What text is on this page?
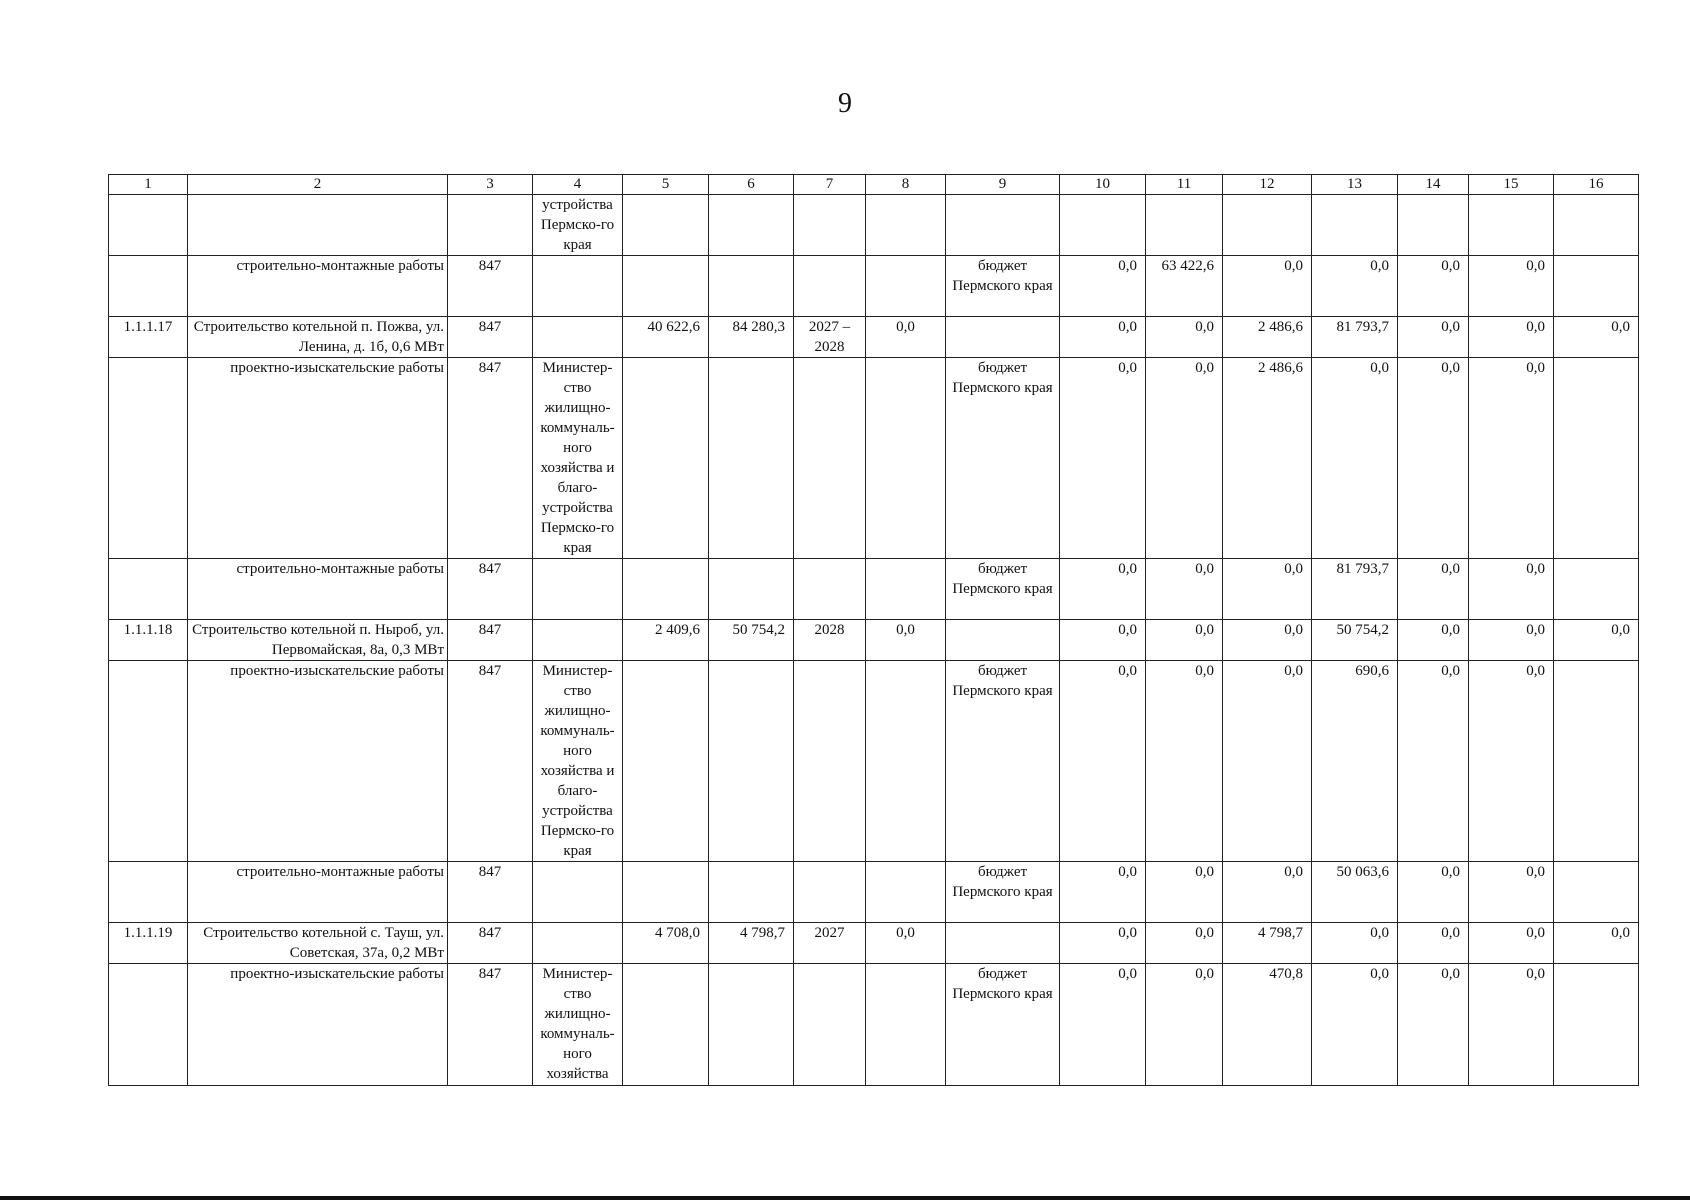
9
1	2	3	4	5	6	7	8	9	10	11	12	13	14	15	16
			устройства Пермско-го края												
	строительно-монтажные работы	847						бюджет Пермского края	0,0	63 422,6	0,0	0,0	0,0	0,0	
1.1.1.17	Строительство котельной п. Пожва, ул. Ленина, д. 1б, 0,6 МВт	847		40 622,6	84 280,3	2027 – 2028	0,0		0,0	0,0	2 486,6	81 793,7	0,0	0,0	0,0
	проектно-изыскательские работы	847	Министер-ство жилищно-коммуналь-ного хозяйства и благо-устройства Пермско-го края					бюджет Пермского края	0,0	0,0	2 486,6	0,0	0,0	0,0	
	строительно-монтажные работы	847						бюджет Пермского края	0,0	0,0	0,0	81 793,7	0,0	0,0	
1.1.1.18	Строительство котельной п. Ныроб, ул. Первомайская, 8а, 0,3 МВт	847		2 409,6	50 754,2	2028	0,0		0,0	0,0	0,0	50 754,2	0,0	0,0	0,0
	проектно-изыскательские работы	847	Министер-ство жилищно-коммуналь-ного хозяйства и благо-устройства Пермско-го края					бюджет Пермского края	0,0	0,0	0,0	690,6	0,0	0,0	
	строительно-монтажные работы	847						бюджет Пермского края	0,0	0,0	0,0	50 063,6	0,0	0,0	
1.1.1.19	Строительство котельной с. Тауш, ул. Советская, 37а, 0,2 МВт	847		4 708,0	4 798,7	2027	0,0		0,0	0,0	4 798,7	0,0	0,0	0,0	0,0
	проектно-изыскательские работы	847	Министер-ство жилищно-коммуналь-ного хозяйства					бюджет Пермского края	0,0	0,0	470,8	0,0	0,0	0,0	
